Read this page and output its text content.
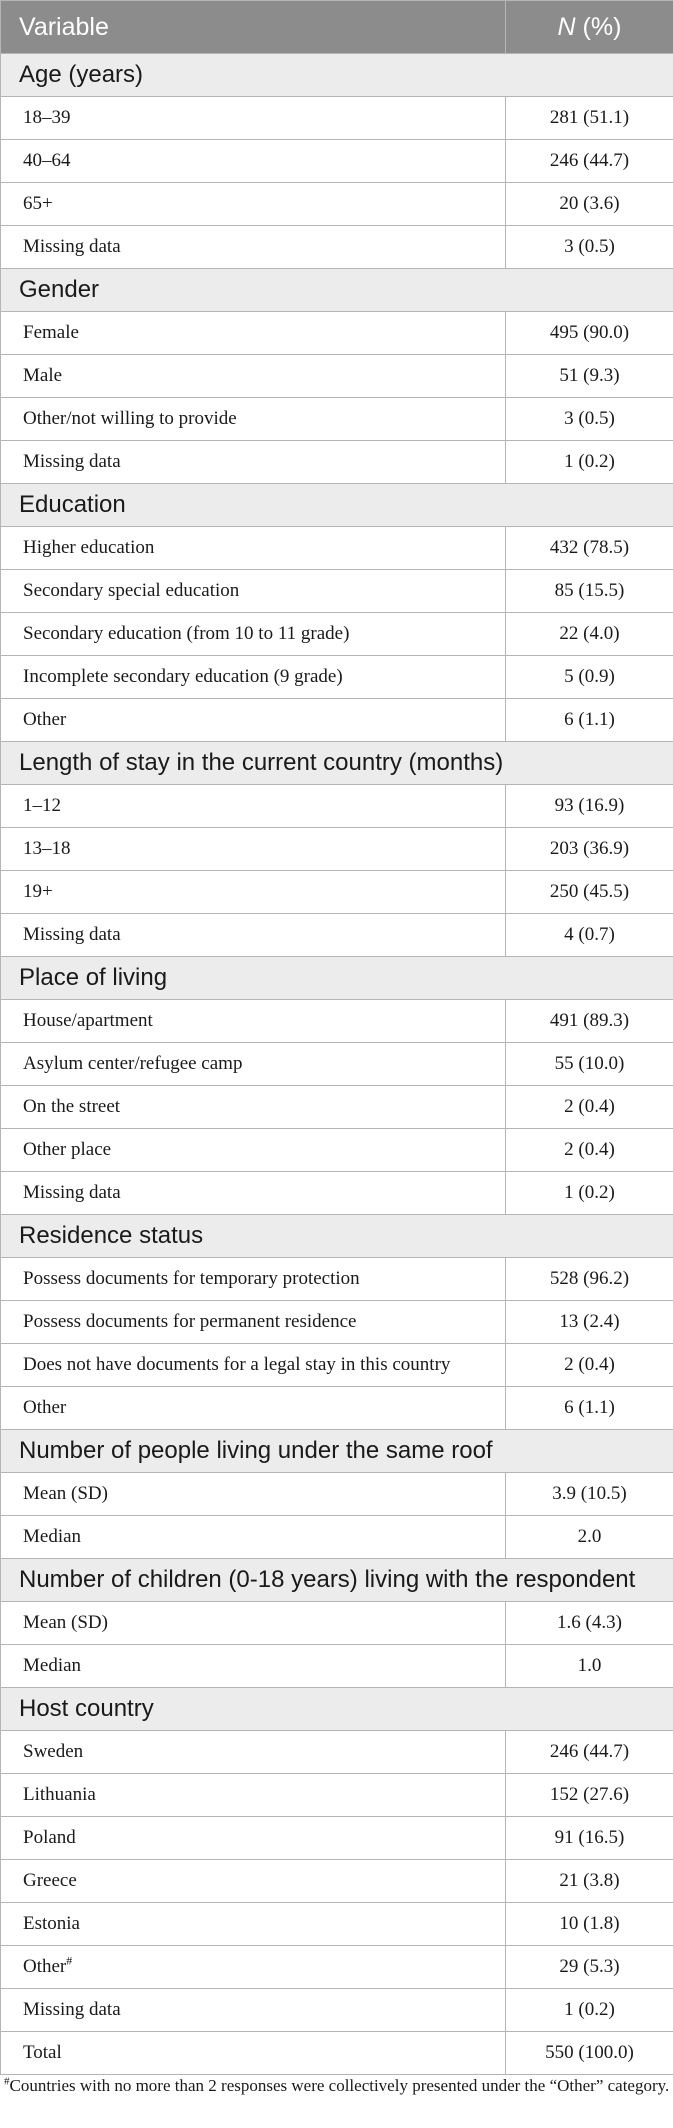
Variable	N (%)
Age (years)	
18–39	281 (51.1)
40–64	246 (44.7)
65+	20 (3.6)
Missing data	3 (0.5)
Gender	
Female	495 (90.0)
Male	51 (9.3)
Other/not willing to provide	3 (0.5)
Missing data	1 (0.2)
Education	
Higher education	432 (78.5)
Secondary special education	85 (15.5)
Secondary education (from 10 to 11 grade)	22 (4.0)
Incomplete secondary education (9 grade)	5 (0.9)
Other	6 (1.1)
Length of stay in the current country (months)	
1–12	93 (16.9)
13–18	203 (36.9)
19+	250 (45.5)
Missing data	4 (0.7)
Place of living	
House/apartment	491 (89.3)
Asylum center/refugee camp	55 (10.0)
On the street	2 (0.4)
Other place	2 (0.4)
Missing data	1 (0.2)
Residence status	
Possess documents for temporary protection	528 (96.2)
Possess documents for permanent residence	13 (2.4)
Does not have documents for a legal stay in this country	2 (0.4)
Other	6 (1.1)
Number of people living under the same roof	
Mean (SD)	3.9 (10.5)
Median	2.0
Number of children (0-18 years) living with the respondent	
Mean (SD)	1.6 (4.3)
Median	1.0
Host country	
Sweden	246 (44.7)
Lithuania	152 (27.6)
Poland	91 (16.5)
Greece	21 (3.8)
Estonia	10 (1.8)
Other#	29 (5.3)
Missing data	1 (0.2)
Total	550 (100.0)
#Countries with no more than 2 responses were collectively presented under the “Other” category.
